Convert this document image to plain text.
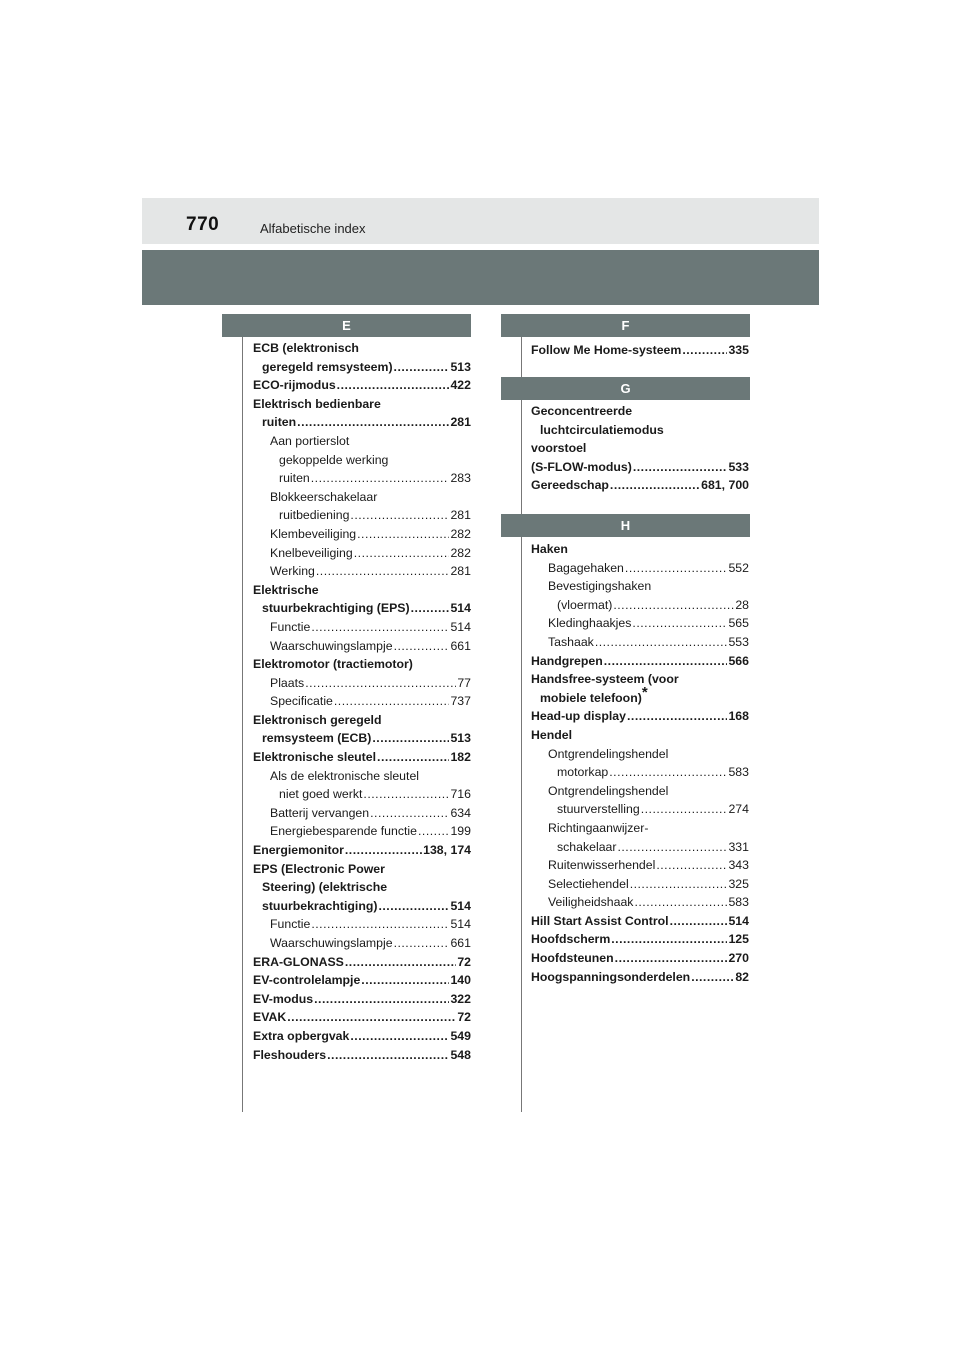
770	Alfabetische index
E	F
G
H
ECB (elektronisch
geregeld remsysteem) .....	513
ECO-rijmodus .....	422
Elektrisch bedienbare
ruiten .....	281
Aan portierslot
gekoppelde werking
ruiten .....	283
Blokkeerschakelaar
ruitbediening .....	281
Klembeveiliging .....	282
Knelbeveiliging .....	282
Werking .....	281
Elektrische
stuurbekrachtiging (EPS) .....	514
Functie .....	514
Waarschuwingslampje .....	661
Elektromotor (tractiemotor)
Plaats .....	77
Specificatie .....	737
Elektronisch geregeld
remsysteem (ECB) .....	513
Elektronische sleutel .....	182
Als de elektronische sleutel
niet goed werkt .....	716
Batterij vervangen .....	634
Energiebesparende functie .....	199
Energiemonitor .....	138, 174
EPS (Electronic Power
Steering) (elektrische
stuurbekrachtiging) .....	514
Functie .....	514
Waarschuwingslampje .....	661
ERA-GLONASS .....	72
EV-controlelampje .....	140
EV-modus .....	322
EVAK .....	72
Extra opbergvak .....	549
Fleshouders .....	548
Follow Me Home-systeem .....	335
Geconcentreerde
luchtcirculatiemodus
voorstoel
(S-FLOW-modus) .....	533
Gereedschap .....	681, 700
Haken
Bagagehaken .....	552
Bevestigingshaken
(vloermat) .....	28
Kledinghaakjes .....	565
Tashaak .....	553
Handgrepen .....	566
Handsfree-systeem (voor
mobiele telefoon)*
Head-up display .....	168
Hendel
Ontgrendelingshendel
motorkap .....	583
Ontgrendelingshendel
stuurverstelling .....	274
Richtingaanwijzer-
schakelaar .....	331
Ruitenwisserhendel .....	343
Selectiehendel .....	325
Veiligheidshaak .....	583
Hill Start Assist Control .....	514
Hoofdscherm .....	125
Hoofdsteunen .....	270
Hoogspanningsonderdelen .....	82
